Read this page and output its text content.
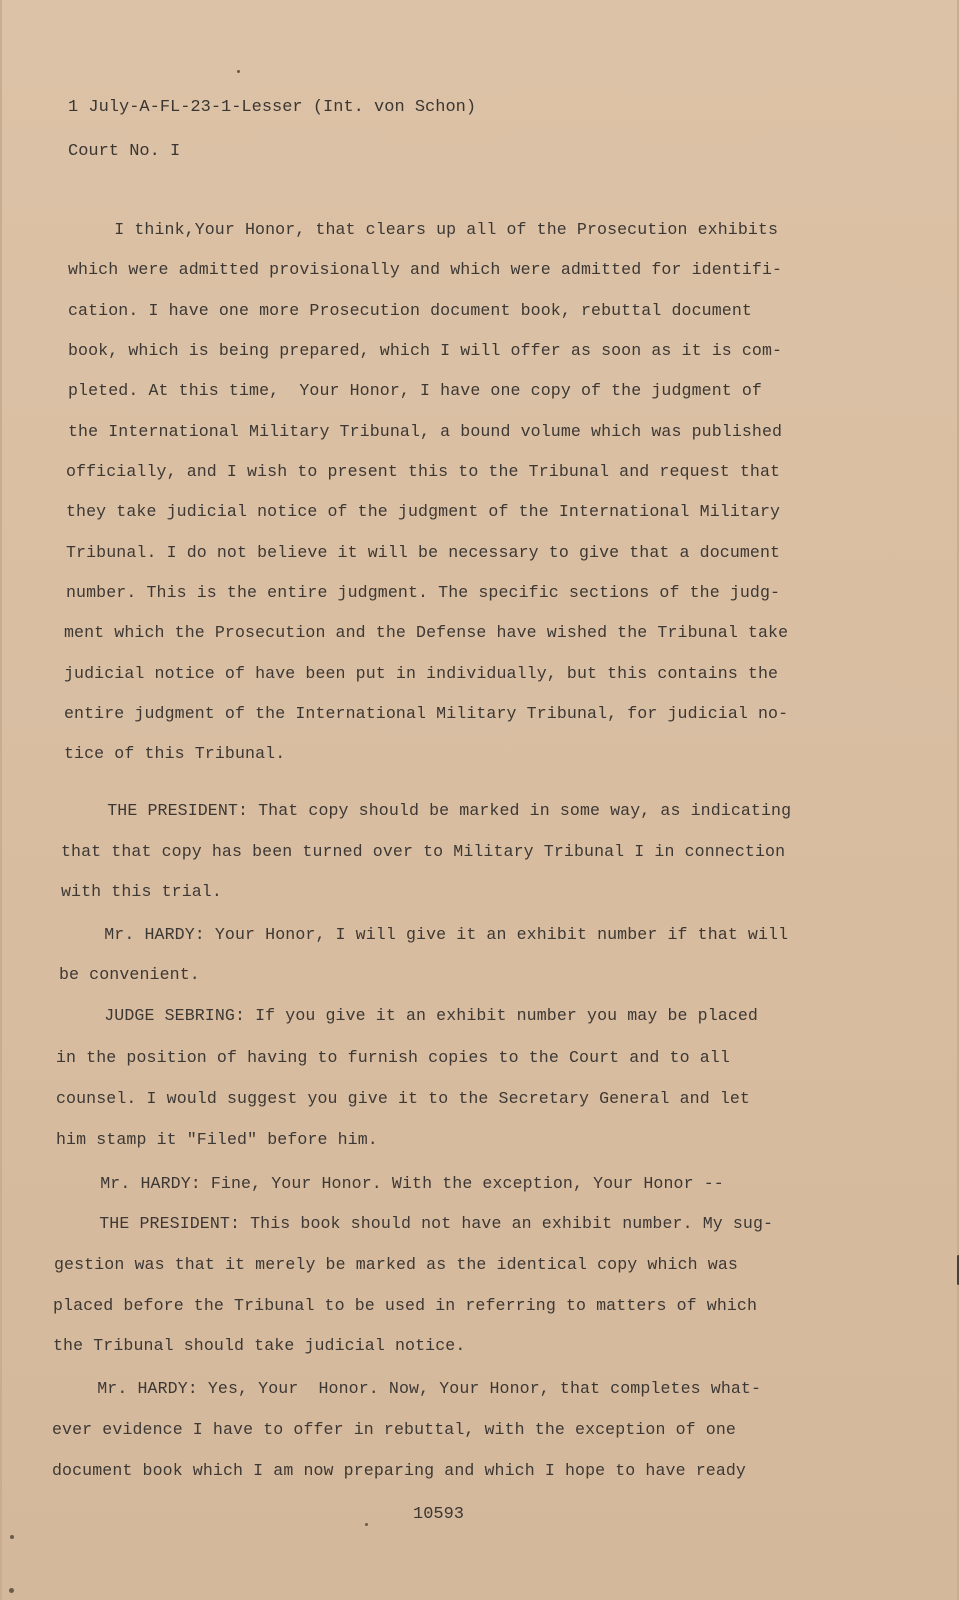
1 July-A-FL-23-1-Lesser (Int. von Schon)
Court No. I
I think,Your Honor, that clears up all of the Prosecution exhibits
which were admitted provisionally and which were admitted for identifi-
cation. I have one more Prosecution document book, rebuttal document
book, which is being prepared, which I will offer as soon as it is com-
pleted. At this time,  Your Honor, I have one copy of the judgment of
the International Military Tribunal, a bound volume which was published
officially, and I wish to present this to the Tribunal and request that
they take judicial notice of the judgment of the International Military
Tribunal. I do not believe it will be necessary to give that a document
number. This is the entire judgment. The specific sections of the judg-
ment which the Prosecution and the Defense have wished the Tribunal take
judicial notice of have been put in individually, but this contains the
entire judgment of the International Military Tribunal, for judicial no-
tice of this Tribunal.
THE PRESIDENT: That copy should be marked in some way, as indicating
that that copy has been turned over to Military Tribunal I in connection
with this trial.
Mr. HARDY: Your Honor, I will give it an exhibit number if that will
be convenient.
JUDGE SEBRING: If you give it an exhibit number you may be placed
in the position of having to furnish copies to the Court and to all
counsel. I would suggest you give it to the Secretary General and let
him stamp it "Filed" before him.
Mr. HARDY: Fine, Your Honor. With the exception, Your Honor --
THE PRESIDENT: This book should not have an exhibit number. My sug-
gestion was that it merely be marked as the identical copy which was
placed before the Tribunal to be used in referring to matters of which
the Tribunal should take judicial notice.
Mr. HARDY: Yes, Your  Honor. Now, Your Honor, that completes what-
ever evidence I have to offer in rebuttal, with the exception of one
document book which I am now preparing and which I hope to have ready
10593
